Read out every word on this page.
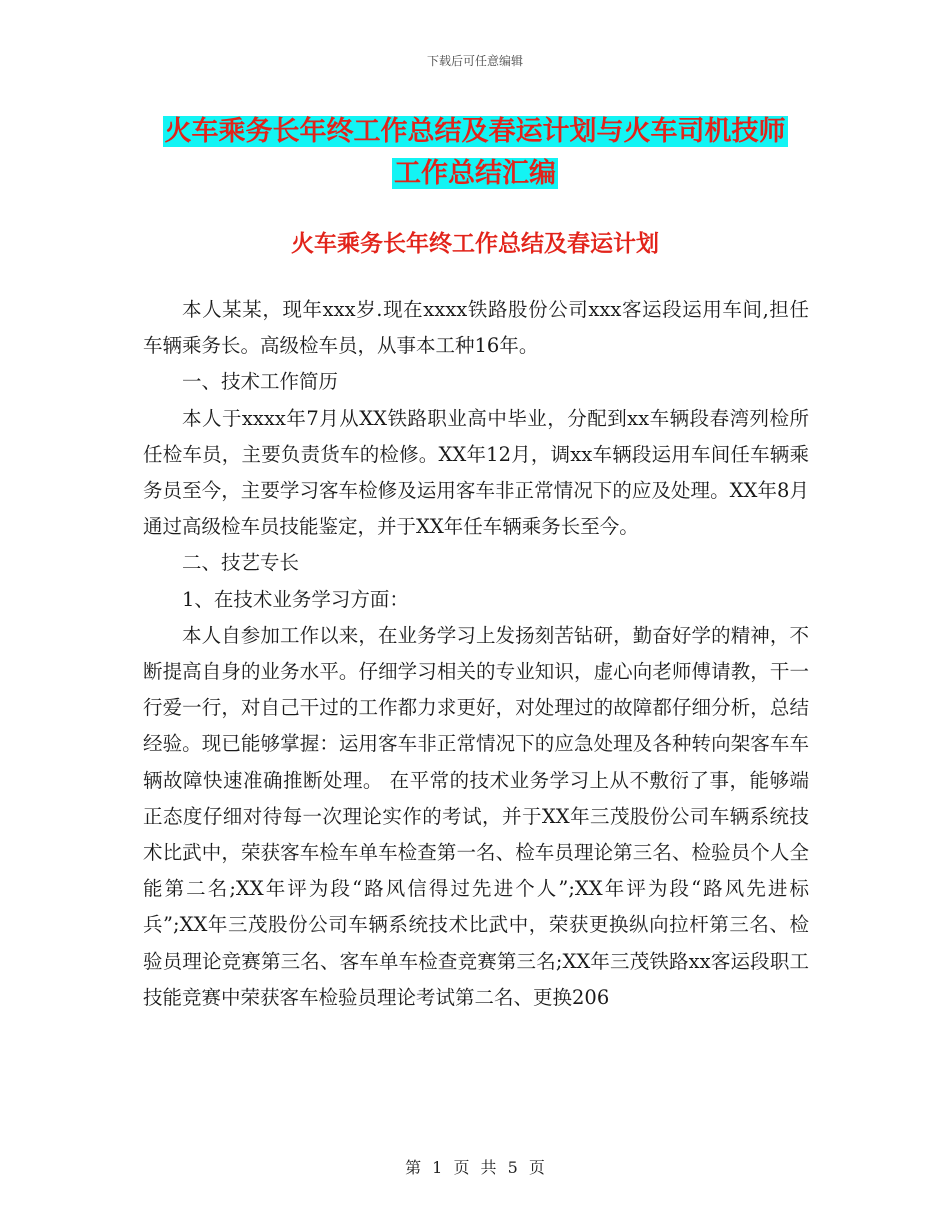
下载后可任意编辑
火车乘务长年终工作总结及春运计划与火车司机技师
工作总结汇编
火车乘务长年终工作总结及春运计划

本人某某，现年xxx岁.现在xxxx铁路股份公司xxx客运段运用车间,担任车辆乘务长。高级检车员，从事本工种16年。

一、技术工作简历

本人于xxxx年7月从XX铁路职业高中毕业，分配到xx车辆段春湾列检所任检车员，主要负责货车的检修。XX年12月，调xx车辆段运用车间任车辆乘务员至今，主要学习客车检修及运用客车非正常情况下的应及处理。XX年8月通过高级检车员技能鉴定，并于XX年任车辆乘务长至今。

二、技艺专长

1、在技术业务学习方面：

本人自参加工作以来，在业务学习上发扬刻苦钻研，勤奋好学的精神，不断提高自身的业务水平。仔细学习相关的专业知识，虚心向老师傅请教，干一行爱一行，对自己干过的工作都力求更好，对处理过的故障都仔细分析，总结经验。现已能够掌握：运用客车非正常情况下的应急处理及各种转向架客车车辆故障快速准确推断处理。 在平常的技术业务学习上从不敷衍了事，能够端正态度仔细对待每一次理论实作的考试，并于XX年三茂股份公司车辆系统技术比武中，荣获客车检车单车检查第一名、检车员理论第三名、检验员个人全能第二名;XX年评为段“路风信得过先进个人”;XX年评为段“路风先进标兵”;XX年三茂股份公司车辆系统技术比武中，荣获更换纵向拉杆第三名、检验员理论竞赛第三名、客车单车检查竞赛第三名;XX年三茂铁路xx客运段职工技能竞赛中荣获客车检验员理论考试第二名、更换206

第 1 页 共 5 页
